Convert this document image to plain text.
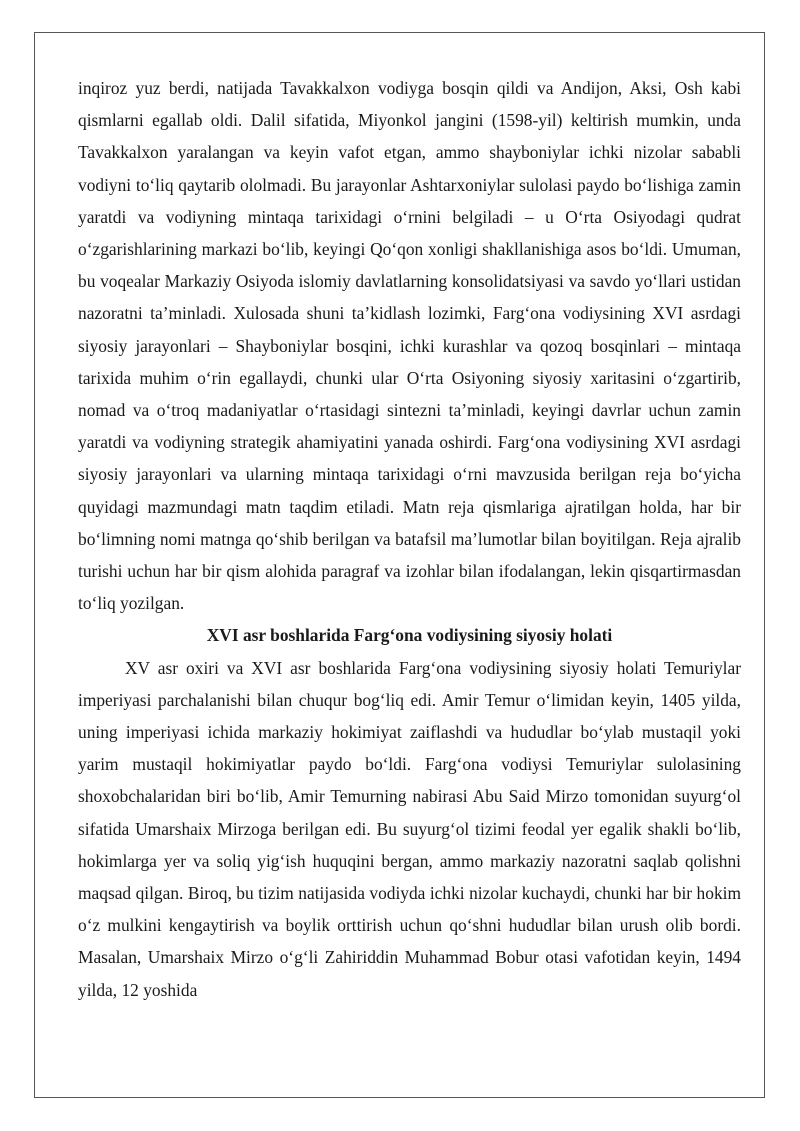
inqiroz yuz berdi, natijada Tavakkalxon vodiyga bosqin qildi va Andijon, Aksi, Osh kabi qismlarni egallab oldi. Dalil sifatida, Miyonkol jangini (1598-yil) keltirish mumkin, unda Tavakkalxon yaralangan va keyin vafot etgan, ammo shayboniylar ichki nizolar sababli vodiyni to‘liq qaytarib ololmadi. Bu jarayonlar Ashtarxoniylar sulolasi paydo bo‘lishiga zamin yaratdi va vodiyning mintaqa tarixidagi o‘rnini belgiladi – u O‘rta Osiyodagi qudrat o‘zgarishlarining markazi bo‘lib, keyingi Qo‘qon xonligi shakllanishiga asos bo‘ldi. Umuman, bu voqealar Markaziy Osiyoda islomiy davlatlarning konsolidatsiyasi va savdo yo‘llari ustidan nazoratni ta’minladi. Xulosada shuni ta’kidlash lozimki, Farg‘ona vodiysining XVI asrdagi siyosiy jarayonlari – Shayboniylar bosqini, ichki kurashlar va qozoq bosqinlari – mintaqa tarixida muhim o‘rin egallaydi, chunki ular O‘rta Osiyoning siyosiy xaritasini o‘zgartirib, nomad va o‘troq madaniyatlar o‘rtasidagi sintezni ta’minladi, keyingi davrlar uchun zamin yaratdi va vodiyning strategik ahamiyatini yanada oshirdi. Farg‘ona vodiysining XVI asrdagi siyosiy jarayonlari va ularning mintaqa tarixidagi o‘rni mavzusida berilgan reja bo‘yicha quyidagi mazmundagi matn taqdim etiladi. Matn reja qismlariga ajratilgan holda, har bir bo‘limning nomi matnga qo‘shib berilgan va batafsil ma’lumotlar bilan boyitilgan. Reja ajralib turishi uchun har bir qism alohida paragraf va izohlar bilan ifodalangan, lekin qisqartirmasdan to‘liq yozilgan.

XVI asr boshlarida Farg‘ona vodiysining siyosiy holati

XV asr oxiri va XVI asr boshlarida Farg‘ona vodiysining siyosiy holati Temuriylar imperiyasi parchalanishi bilan chuqur bog‘liq edi. Amir Temur o‘limidan keyin, 1405 yilda, uning imperiyasi ichida markaziy hokimiyat zaiflashdi va hududlar bo‘ylab mustaqil yoki yarim mustaqil hokimiyatlar paydo bo‘ldi. Farg‘ona vodiysi Temuriylar sulolasining shoxobchalaridan biri bo‘lib, Amir Temurning nabirasi Abu Said Mirzo tomonidan suyurg‘ol sifatida Umarshaix Mirzoga berilgan edi. Bu suyurg‘ol tizimi feodal yer egalik shakli bo‘lib, hokimlarga yer va soliq yig‘ish huquqini bergan, ammo markaziy nazoratni saqlab qolishni maqsad qilgan. Biroq, bu tizim natijasida vodiyda ichki nizolar kuchaydi, chunki har bir hokim o‘z mulkini kengaytirish va boylik orttirish uchun qo‘shni hududlar bilan urush olib bordi. Masalan, Umarshaix Mirzo o‘g‘li Zahiriddin Muhammad Bobur otasi vafotidan keyin, 1494 yilda, 12 yoshida
